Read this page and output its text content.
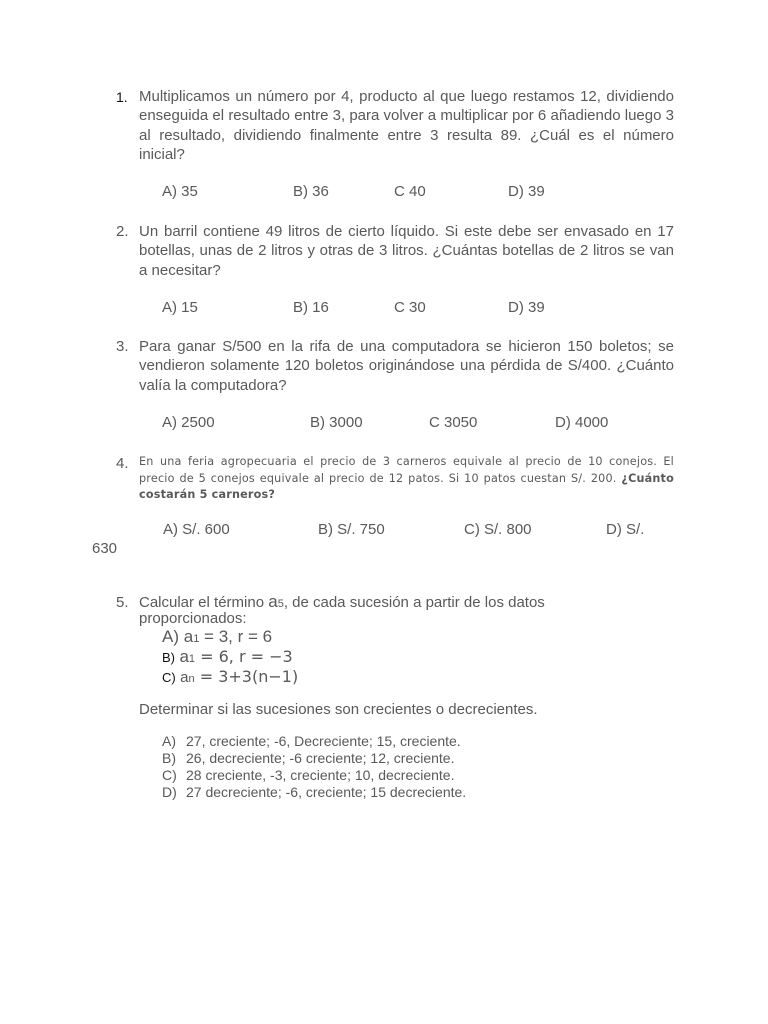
1. Multiplicamos un número por 4, producto al que luego restamos 12, dividiendo enseguida el resultado entre 3, para volver a multiplicar por 6 añadiendo luego 3 al resultado, dividiendo finalmente entre 3 resulta 89. ¿Cuál es el número inicial?
A) 35	B) 36	C 40	D) 39
2. Un barril contiene 49 litros de cierto líquido. Si este debe ser envasado en 17 botellas, unas de 2 litros y otras de 3 litros. ¿Cuántas botellas de 2 litros se van a necesitar?
A) 15	B) 16	C 30	D) 39
3. Para ganar S/500 en la rifa de una computadora se hicieron 150 boletos; se vendieron solamente 120 boletos originándose una pérdida de S/400. ¿Cuánto valía la computadora?
A) 2500	B) 3000	C 3050	D) 4000
4. En una feria agropecuaria el precio de 3 carneros equivale al precio de 10 conejos. El precio de 5 conejos equivale al precio de 12 patos. Si 10 patos cuestan S/. 200. ¿Cuánto costarán 5 carneros?
A) S/. 600	B) S/. 750	C) S/. 800	D) S/.
630
5. Calcular el término a5, de cada sucesión a partir de los datos
proporcionados:
A) a1 = 3, r = 6
B) a1 = 6, r = −3
C) an = 3+3(n−1)
Determinar si las sucesiones son crecientes o decrecientes.
A) 27, creciente; -6, Decreciente; 15, creciente.
B) 26, decreciente; -6 creciente; 12, creciente.
C) 28 creciente, -3, creciente; 10, decreciente.
D) 27 decreciente; -6, creciente; 15 decreciente.
